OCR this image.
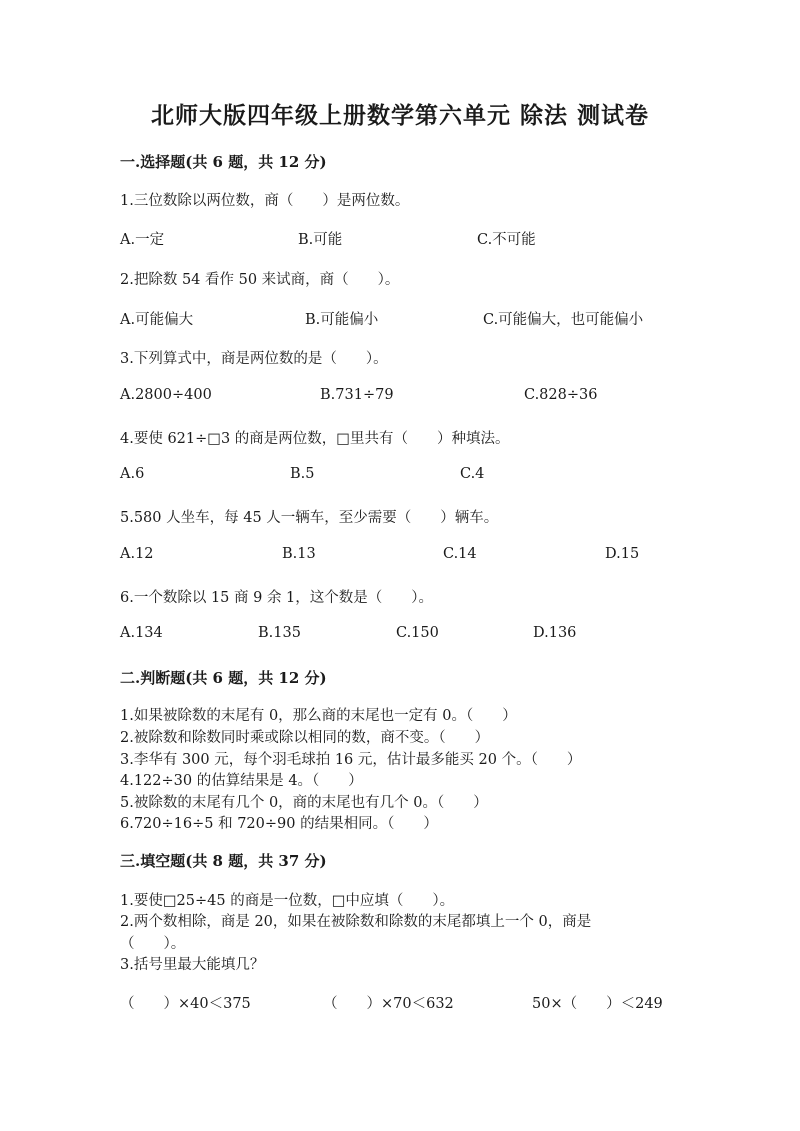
北师大版四年级上册数学第六单元 除法 测试卷
一.选择题(共 6 题，共 12 分)
1.三位数除以两位数，商（　　）是两位数。
A.一定	B.可能	C.不可能
2.把除数 54 看作 50 来试商，商（　　）。
A.可能偏大	B.可能偏小	C.可能偏大，也可能偏小
3.下列算式中，商是两位数的是（　　）。
A.2800÷400	B.731÷79	C.828÷36
4.要使 621÷□3 的商是两位数，□里共有（　　）种填法。
A.6	B.5	C.4
5.580 人坐车，每 45 人一辆车，至少需要（　　）辆车。
A.12	B.13	C.14	D.15
6.一个数除以 15 商 9 余 1，这个数是（　　）。
A.134	B.135	C.150	D.136
二.判断题(共 6 题，共 12 分)
1.如果被除数的末尾有 0，那么商的末尾也一定有 0。（　　）
2.被除数和除数同时乘或除以相同的数，商不变。（　　）
3.李华有 300 元，每个羽毛球拍 16 元，估计最多能买 20 个。（　　）
4.122÷30 的估算结果是 4。（　　）
5.被除数的末尾有几个 0，商的末尾也有几个 0。（　　）
6.720÷16÷5 和 720÷90 的结果相同。（　　）
三.填空题(共 8 题，共 37 分)
1.要使□25÷45 的商是一位数，□中应填（　　）。
2.两个数相除，商是 20，如果在被除数和除数的末尾都填上一个 0，商是
（　　）。
3.括号里最大能填几？
（　　）×40＜375	（　　）×70＜632	50×（　　）＜249
